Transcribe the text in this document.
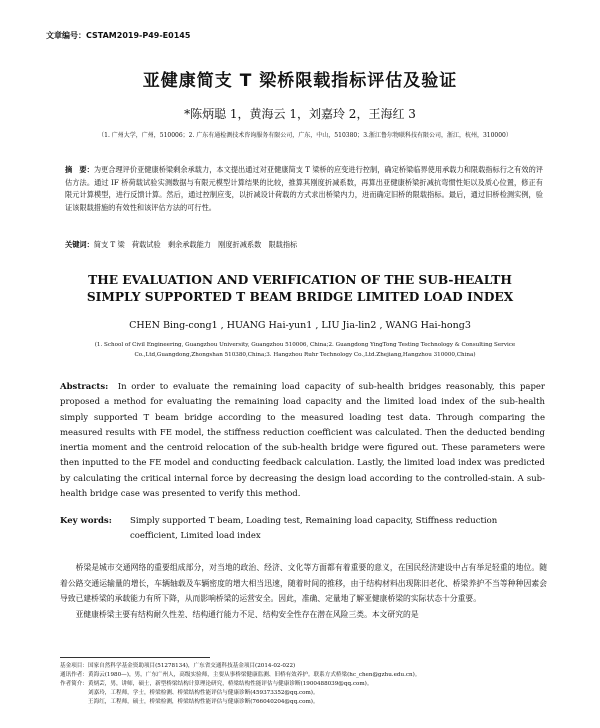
文章编号：CSTAM2019-P49-E0145
亚健康简支 T 梁桥限载指标评估及验证
*陈炳聪 1，黄海云 1，刘嘉玲 2，王海红 3
（1. 广州大学，广州，510006；2. 广东有通检测技术咨询服务有限公司，广东，中山，510380；3.浙江鲁尔物联科技有限公司，浙江，杭州，310000）
摘　要：为更合理评价亚健康桥梁剩余承载力，本文提出通过对亚健康简支 T 梁桥的应变进行控制，确定桥梁临界使用承载力和限载指标行之有效的评估方法。通过 IF 桥荷载试验实测数据与有限元模型计算结果的比较，推算其刚度折减系数，再算出亚健康桥梁折减抗弯惯性矩以及质心位置，修正有限元计算模型，进行反馈计算。然后，通过控制应变，以折减设计荷载的方式求出桥梁内力，进而确定旧桥的限载指标。最后，通过旧桥检测实例，验证该限载措施的有效性和该评估方法的可行性。
关键词：简支 T 梁　荷载试验　剩余承载能力　刚度折减系数　限载指标
THE EVALUATION AND VERIFICATION OF THE SUB-HEALTH
SIMPLY SUPPORTED T BEAM BRIDGE LIMITED LOAD INDEX
CHEN Bing-cong1 , HUANG Hai-yun1 , LIU Jia-lin2 , WANG Hai-hong3
(1. School of Civil Engineering, Guangzhou University, Guangzhou 510006, China;2. Guangdong YingTong Testing Technology & Consulting Service
Co.,Ltd,Guangdong,Zhongshan 510380,China;3. Hangzhou Ruhr Technology Co.,Ltd.Zhejiang,Hangzhou 310000,China)
Abstracts: In order to evaluate the remaining load capacity of sub-health bridges reasonably, this paper proposed a method for evaluating the remaining load capacity and the limited load index of the sub-health simply supported T beam bridge according to the measured loading test data. Through comparing the measured results with FE model, the stiffness reduction coefficient was calculated. Then the deducted bending inertia moment and the centroid relocation of the sub-health bridge were figured out. These parameters were then inputted to the FE model and conducting feedback calculation. Lastly, the limited load index was predicted by calculating the critical internal force by decreasing the design load according to the controlled-stain. A sub-health bridge case was presented to verify this method.
Key words:	Simply supported T beam, Loading test, Remaining load capacity, Stiffness reduction coefficient, Limited load index

桥梁是城市交通网络的重要组成部分，对当地的政治、经济、文化等方面都有着重要的意义，在国民经济建设中占有举足轻重的地位。随着公路交通运输量的增长，车辆轴载及车辆密度的增大相当迅速，随着时间的推移，由于结构材料出现陈旧老化、桥梁养护不当等种种因素会导致已建桥梁的承载能力有所下降，从而影响桥梁的运营安全。因此，准确、定量地了解亚健康桥梁的实际状态十分重要。

亚健康桥梁主要有结构耐久性差、结构通行能力不足、结构安全性存在潜在风险三类。本文研究的是

基金项目：国家自然科学基金资助项目(51278134)，广东省交通科技基金项目(2014-02-022)
通讯作者：黄海云(1980—)，男，广东广州人，高级实验师，主要从事桥梁健康监测、旧桥有效养护。联系方式桥梁(hc_chen@gzhu.edu.cn)。
作者简介：黄炳芸，男，讲师，硕士，新型桥梁结构计算理论研究，桥梁结构性能评估与健康诊断(1900488039@qq.com)。
刘嘉玲，工程师，学士，桥梁检测、桥梁结构性能评估与健康诊断(459373352@qq.com)。
王海红，工程师，硕士，桥梁检测，桥梁结构性能评估与健康诊断(766040204@qq.com)。
